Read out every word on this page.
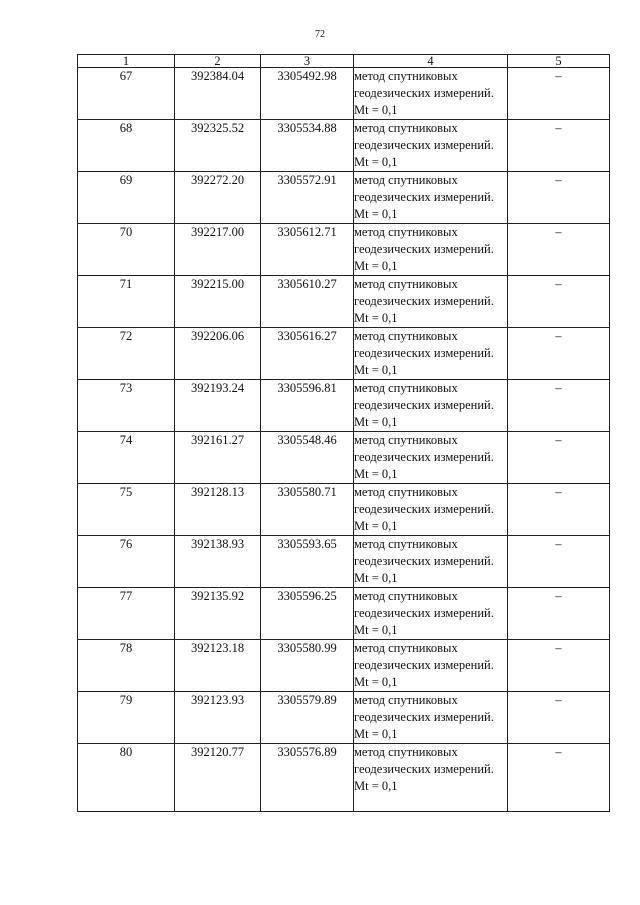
72
1	2	3	4	5
67	392384.04	3305492.98	метод спутниковых геодезических измерений. Mt = 0,1	–
68	392325.52	3305534.88	метод спутниковых геодезических измерений. Mt = 0,1	–
69	392272.20	3305572.91	метод спутниковых геодезических измерений. Mt = 0,1	–
70	392217.00	3305612.71	метод спутниковых геодезических измерений. Mt = 0,1	–
71	392215.00	3305610.27	метод спутниковых геодезических измерений. Mt = 0,1	–
72	392206.06	3305616.27	метод спутниковых геодезических измерений. Mt = 0,1	–
73	392193.24	3305596.81	метод спутниковых геодезических измерений. Mt = 0,1	–
74	392161.27	3305548.46	метод спутниковых геодезических измерений. Mt = 0,1	–
75	392128.13	3305580.71	метод спутниковых геодезических измерений. Mt = 0,1	–
76	392138.93	3305593.65	метод спутниковых геодезических измерений. Mt = 0,1	–
77	392135.92	3305596.25	метод спутниковых геодезических измерений. Mt = 0,1	–
78	392123.18	3305580.99	метод спутниковых геодезических измерений. Mt = 0,1	–
79	392123.93	3305579.89	метод спутниковых геодезических измерений. Mt = 0,1	–
80	392120.77	3305576.89	метод спутниковых геодезических измерений. Mt = 0,1	–
